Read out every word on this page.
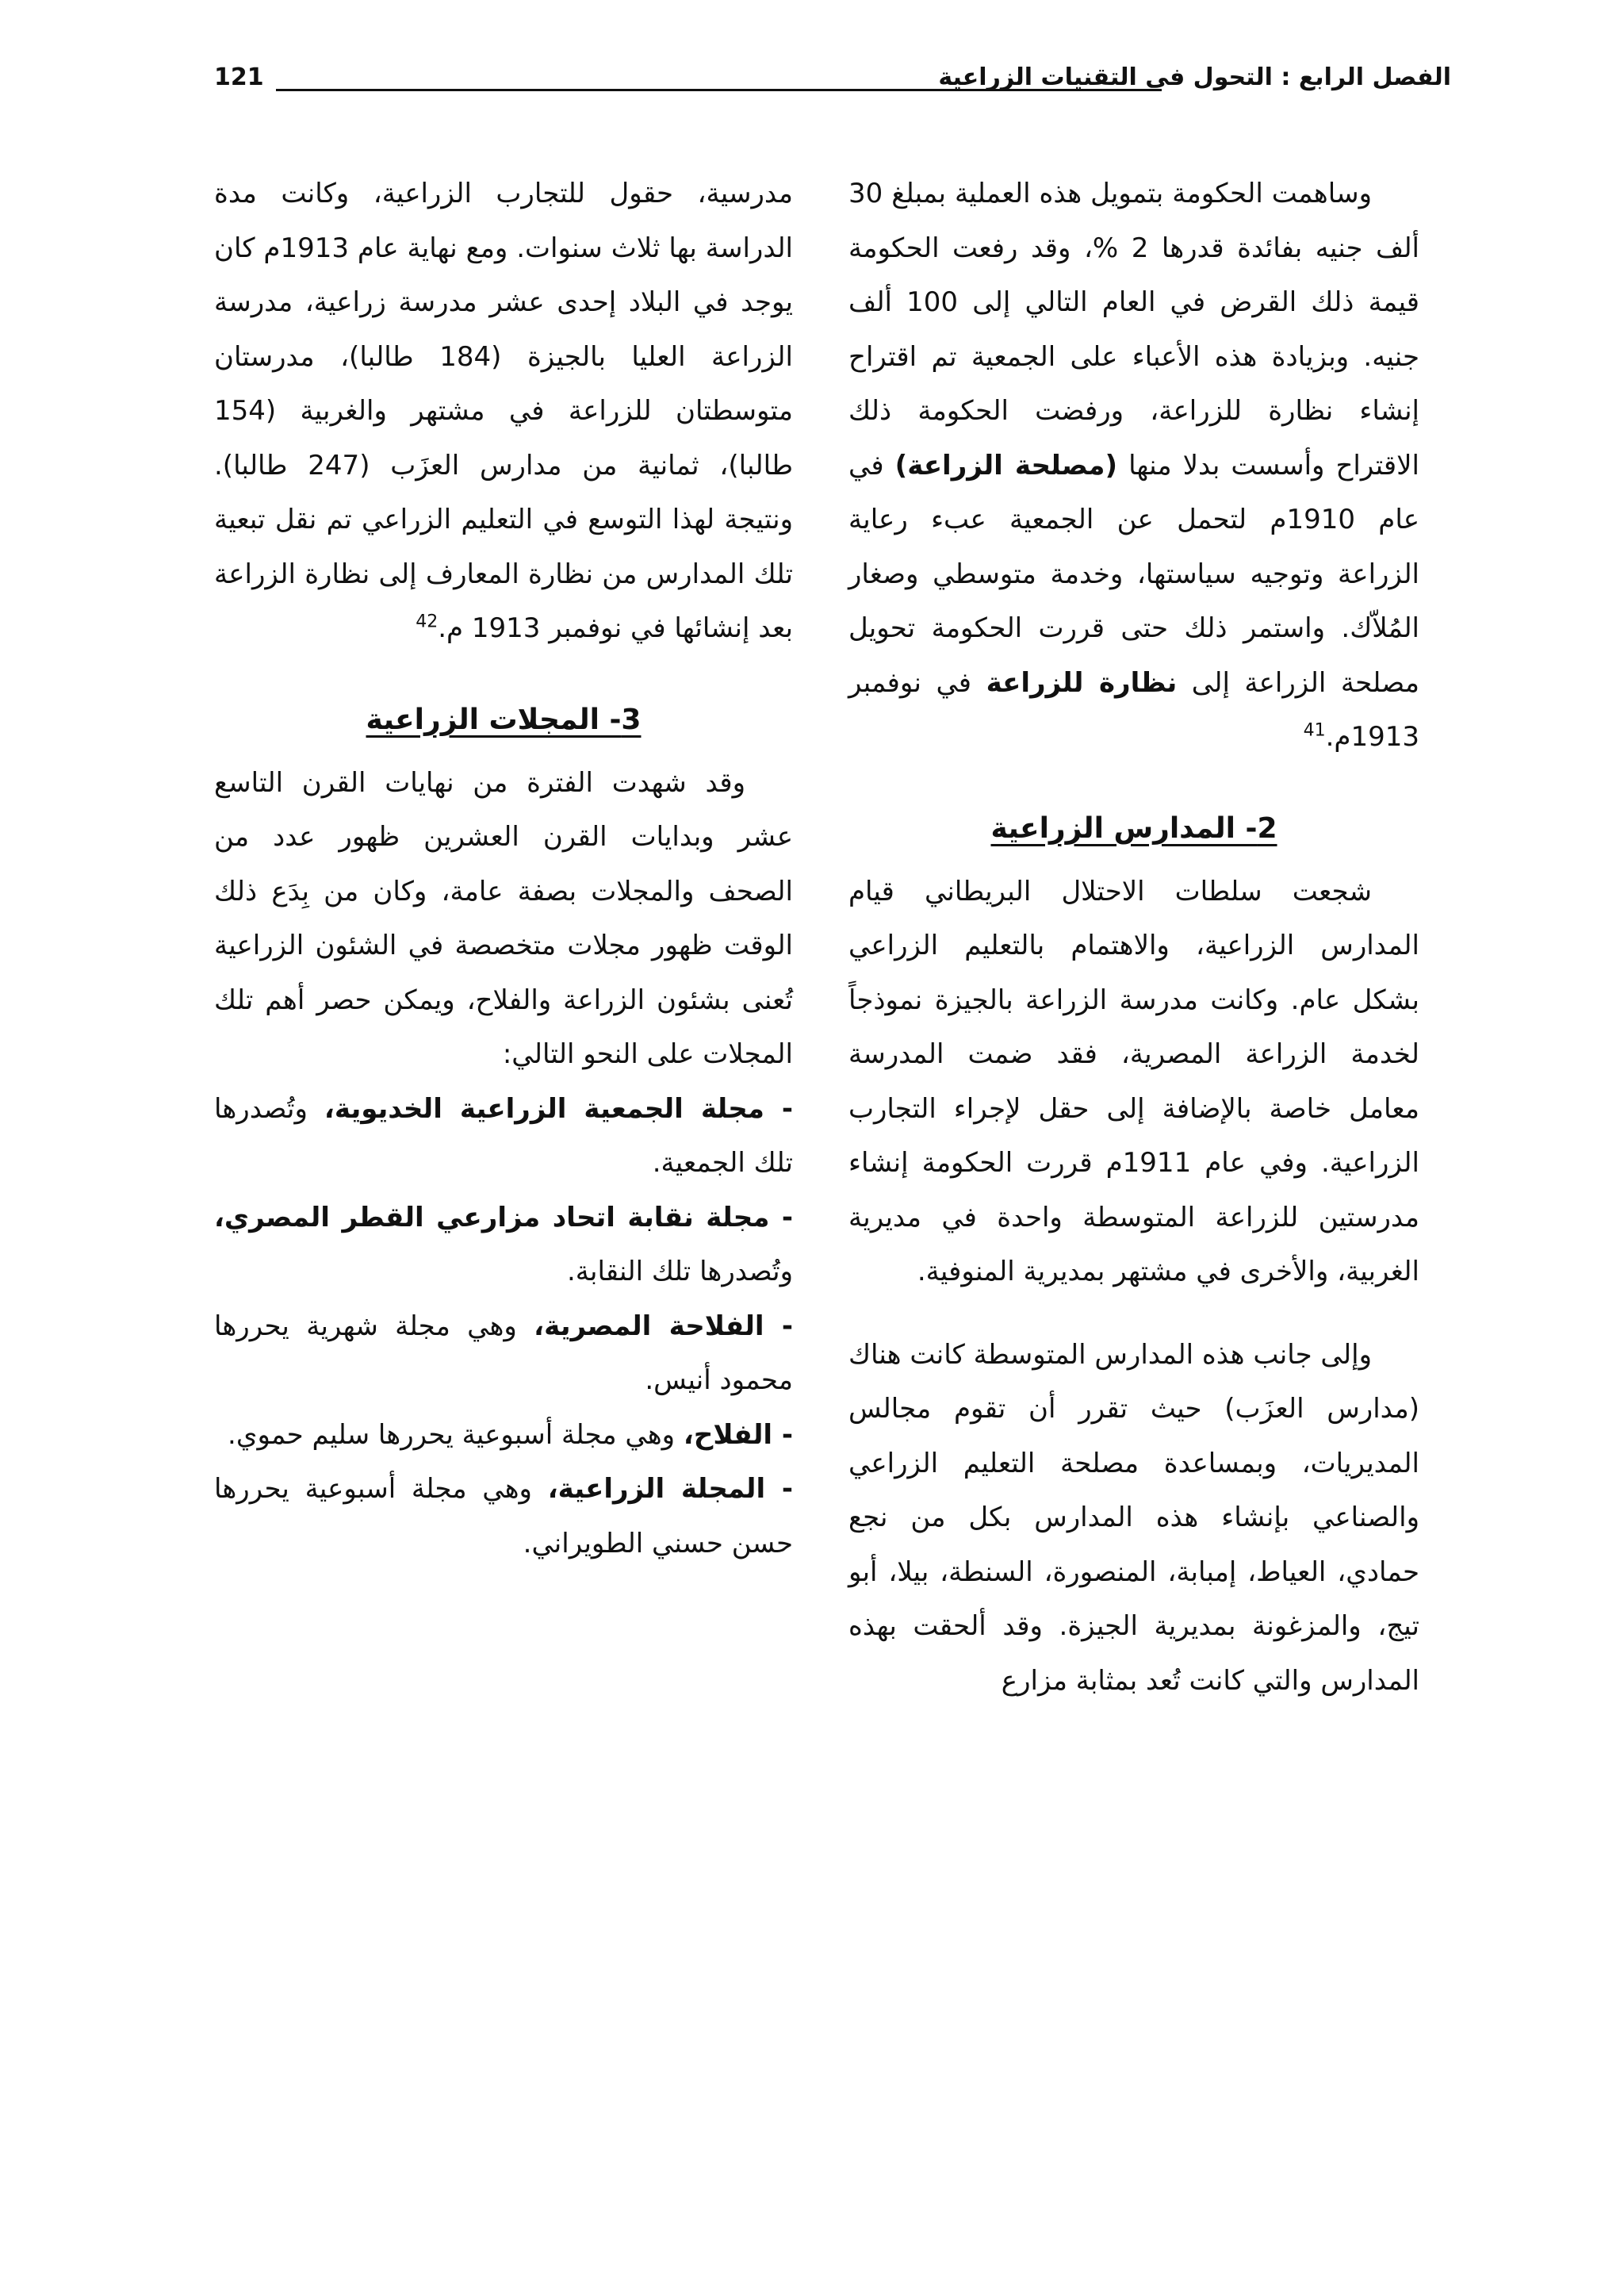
الفصل الرابع : التحول فى التقنيات الزراعية
121

وساهمت الحكومة بتمويل هذه العملية بمبلغ 30 ألف جنيه بفائدة قدرها 2 %، وقد رفعت الحكومة قيمة ذلك القرض في العام التالي إلى 100 ألف جنيه. وبزيادة هذه الأعباء على الجمعية تم اقتراح إنشاء نظارة للزراعة، ورفضت الحكومة ذلك الاقتراح وأسست بدلا منها (مصلحة الزراعة) في عام 1910م لتحمل عن الجمعية عبء رعاية الزراعة وتوجيه سياستها، وخدمة متوسطي وصغار المُلاّك. واستمر ذلك حتى قررت الحكومة تحويل مصلحة الزراعة إلى نظارة للزراعة في نوفمبر 1913م.$^{41}$

2- المدارس الزراعية

شجعت سلطات الاحتلال البريطاني قيام المدارس الزراعية، والاهتمام بالتعليم الزراعي بشكل عام. وكانت مدرسة الزراعة بالجيزة نموذجاً لخدمة الزراعة المصرية، فقد ضمت المدرسة معامل خاصة بالإضافة إلى حقل لإجراء التجارب الزراعية. وفي عام 1911م قررت الحكومة إنشاء مدرستين للزراعة المتوسطة واحدة في مديرية الغربية، والأخرى في مشتهر بمديرية المنوفية.

وإلى جانب هذه المدارس المتوسطة كانت هناك (مدارس العزَب) حيث تقرر أن تقوم مجالس المديريات، وبمساعدة مصلحة التعليم الزراعي والصناعي بإنشاء هذه المدارس بكل من نجع حمادي، العياط، إمبابة، المنصورة، السنطة، بيلا، أبو تيج، والمزغونة بمديرية الجيزة. وقد ألحقت بهذه المدارس والتي كانت تُعد بمثابة مزارع

مدرسية، حقول للتجارب الزراعية، وكانت مدة الدراسة بها ثلاث سنوات. ومع نهاية عام 1913م كان يوجد في البلاد إحدى عشر مدرسة زراعية، مدرسة الزراعة العليا بالجيزة (184 طالبا)، مدرستان متوسطتان للزراعة في مشتهر والغربية (154 طالبا)، ثمانية من مدارس العزَب (247 طالبا). ونتيجة لهذا التوسع في التعليم الزراعي تم نقل تبعية تلك المدارس من نظارة المعارف إلى نظارة الزراعة بعد إنشائها في نوفمبر 1913 م.$^{42}$

3- المجلات الزراعية

وقد شهدت الفترة من نهايات القرن التاسع عشر وبدايات القرن العشرين ظهور عدد من الصحف والمجلات بصفة عامة، وكان من بِدَع ذلك الوقت ظهور مجلات متخصصة في الشئون الزراعية تُعنى بشئون الزراعة والفلاح، ويمكن حصر أهم تلك المجلات على النحو التالي:

- مجلة الجمعية الزراعية الخديوية، وتُصدرها تلك الجمعية.

- مجلة نقابة اتحاد مزارعي القطر المصري، وتُصدرها تلك النقابة.

- الفلاحة المصرية، وهي مجلة شهرية يحررها محمود أنيس.

- الفلاح، وهي مجلة أسبوعية يحررها سليم حموي.

- المجلة الزراعية، وهي مجلة أسبوعية يحررها حسن حسني الطويراني.
